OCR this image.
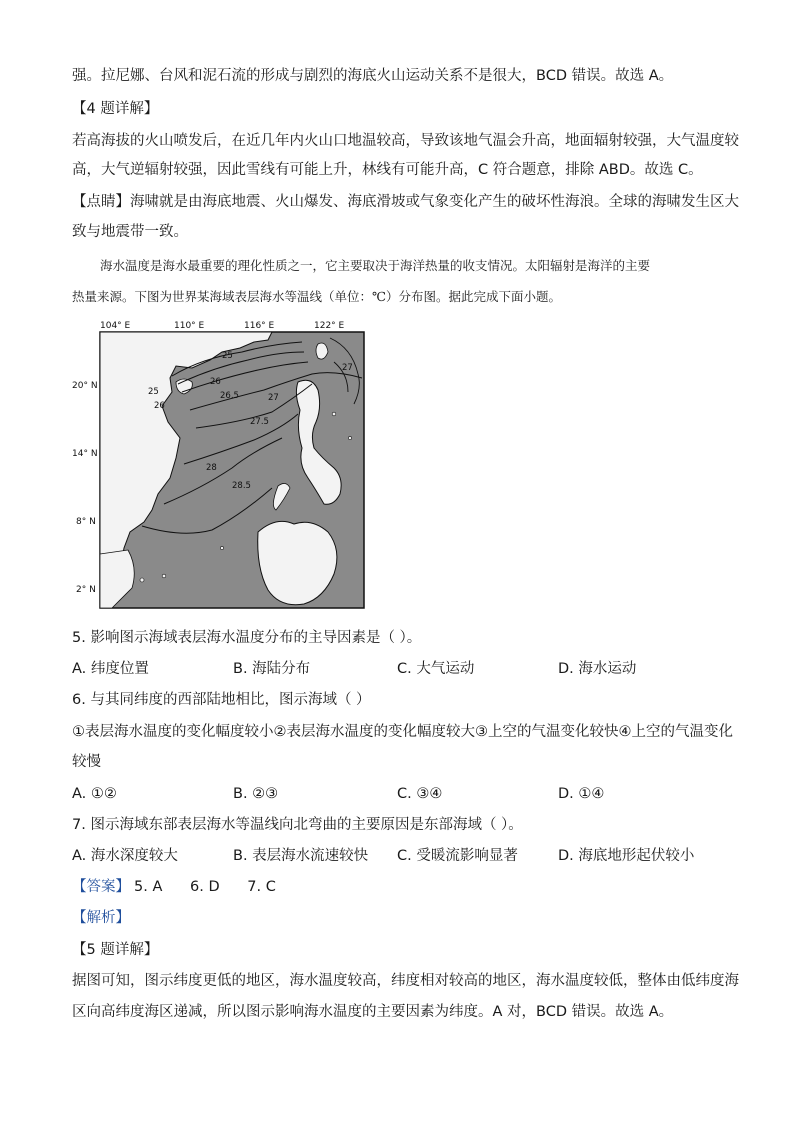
强。拉尼娜、台风和泥石流的形成与剧烈的海底火山运动关系不是很大，BCD 错误。故选 A。
【4 题详解】
若高海拔的火山喷发后，在近几年内火山口地温较高，导致该地气温会升高，地面辐射较强，大气温度较
高，大气逆辐射较强，因此雪线有可能上升，林线有可能升高，C 符合题意，排除 ABD。故选 C。
【点睛】海啸就是由海底地震、火山爆发、海底滑坡或气象变化产生的破坏性海浪。全球的海啸发生区大
致与地震带一致。
海水温度是海水最重要的理化性质之一，它主要取决于海洋热量的收支情况。太阳辐射是海洋的主要
热量来源。下图为世界某海域表层海水等温线（单位：℃）分布图。据此完成下面小题。
25
26
26.5	27
27.5
28
28.5
27
25
26
104° E	110° E	116° E	122° E
20° N
14° N
8° N
2° N
5. 影响图示海域表层海水温度分布的主导因素是（ ）。
A. 纬度位置	B. 海陆分布	C. 大气运动	D. 海水运动
6. 与其同纬度的西部陆地相比，图示海域（ ）
①表层海水温度的变化幅度较小②表层海水温度的变化幅度较大③上空的气温变化较快④上空的气温变化
较慢
A. ①②	B. ②③	C. ③④	D. ①④
7. 图示海域东部表层海水等温线向北弯曲的主要原因是东部海域（ ）。
A. 海水深度较大	B. 表层海水流速较快 C. 受暖流影响显著	D. 海底地形起伏较小
【答案】 5. A      6. D      7. C
【解析】
【5 题详解】
据图可知，图示纬度更低的地区，海水温度较高，纬度相对较高的地区，海水温度较低，整体由低纬度海
区向高纬度海区递减，所以图示影响海水温度的主要因素为纬度。A 对，BCD 错误。故选 A。
